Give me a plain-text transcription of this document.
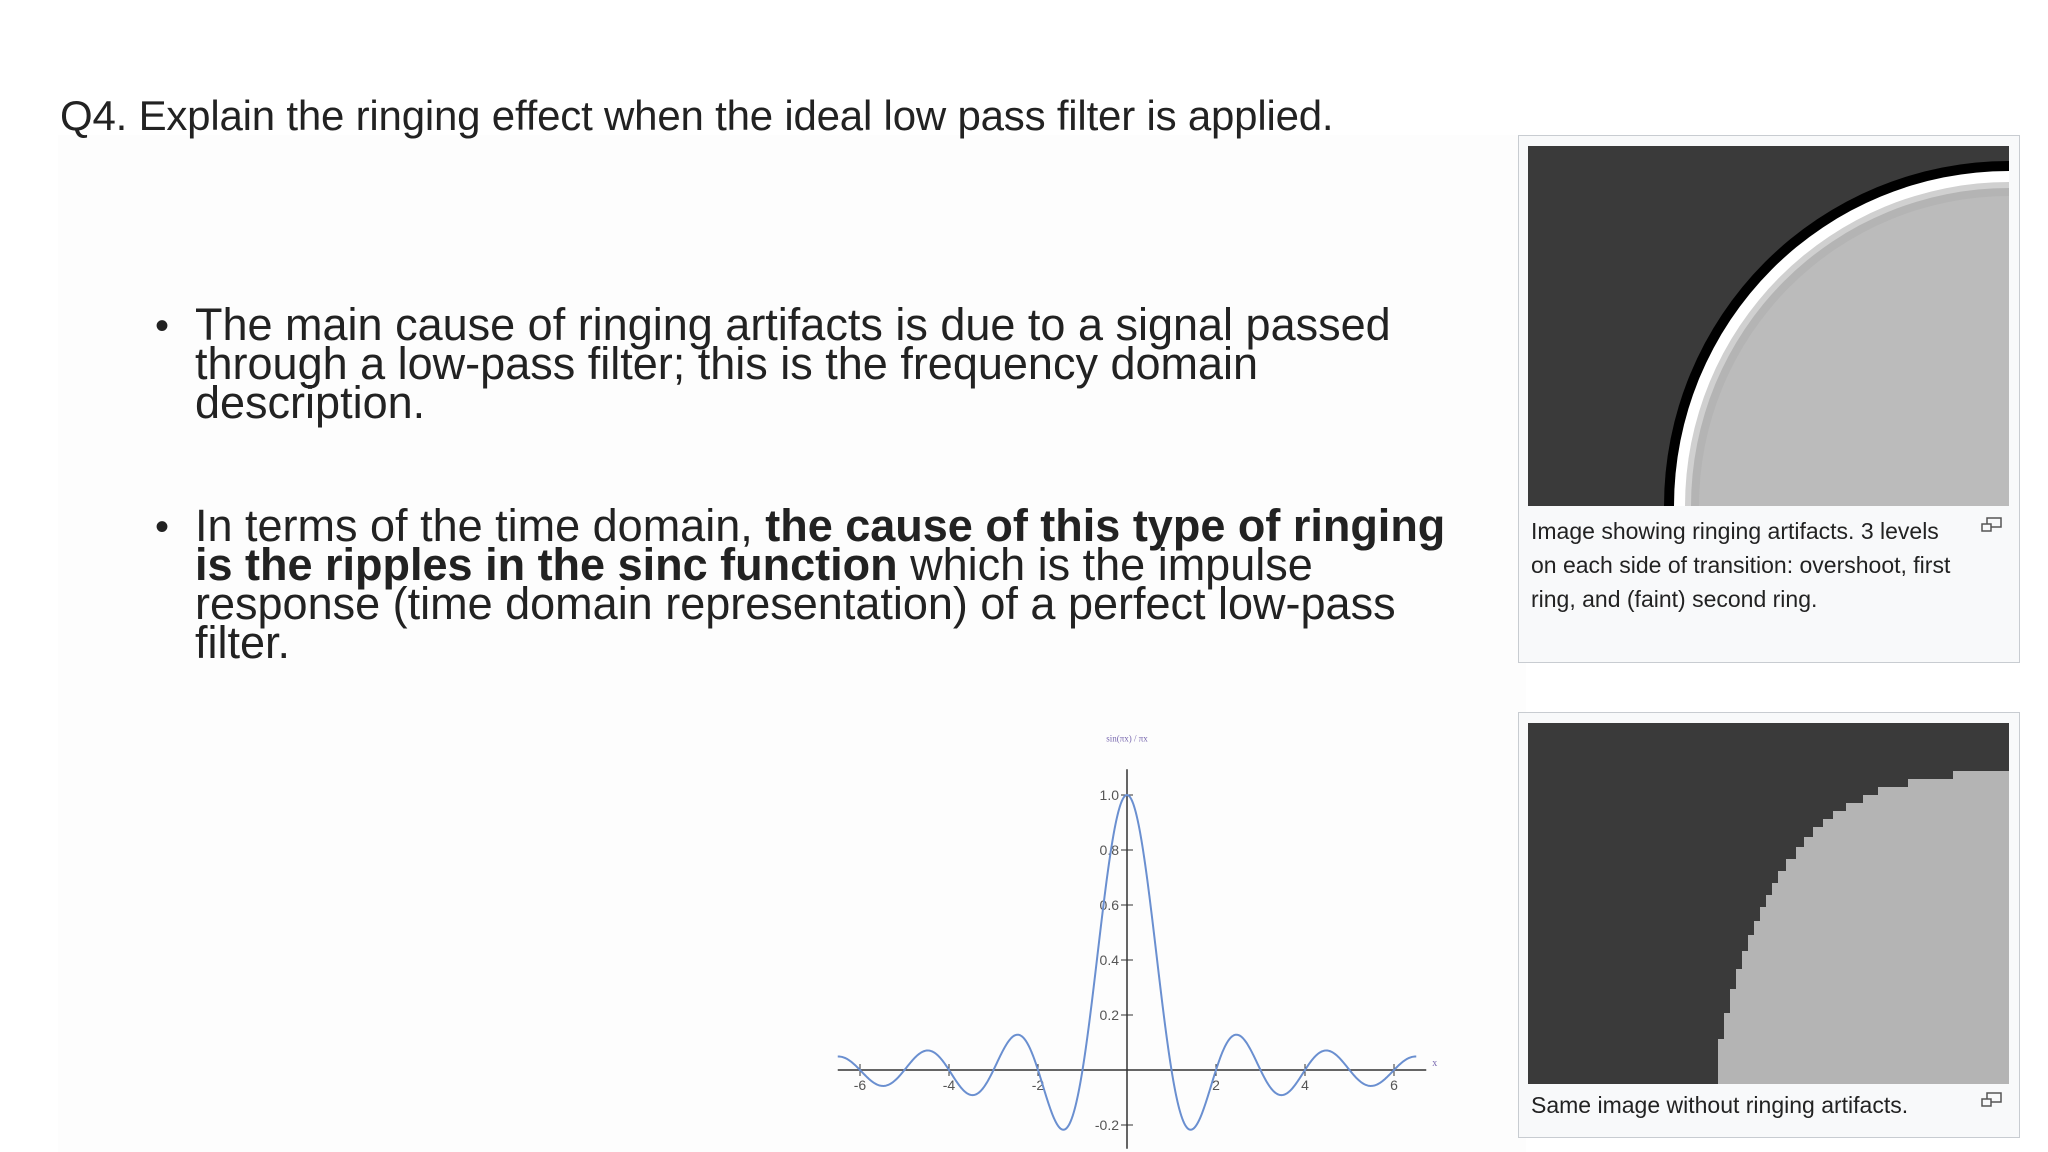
Q4. Explain the ringing effect when the ideal low pass filter is applied.
• The main cause of ringing artifacts is due to a signal passed through a low-pass filter; this is the frequency domain description.
• In terms of the time domain, the cause of this type of ringing is the ripples in the sinc function which is the impulse response (time domain representation) of a perfect low-pass filter.
Image showing ringing artifacts. 3 levels on each side of transition: overshoot, first ring, and (faint) second ring.
Same image without ringing artifacts.
-6	-4	-2	2	4	6
1.0
0.8
0.6
0.4
0.2
-0.2
sin(πx) / πx
x
